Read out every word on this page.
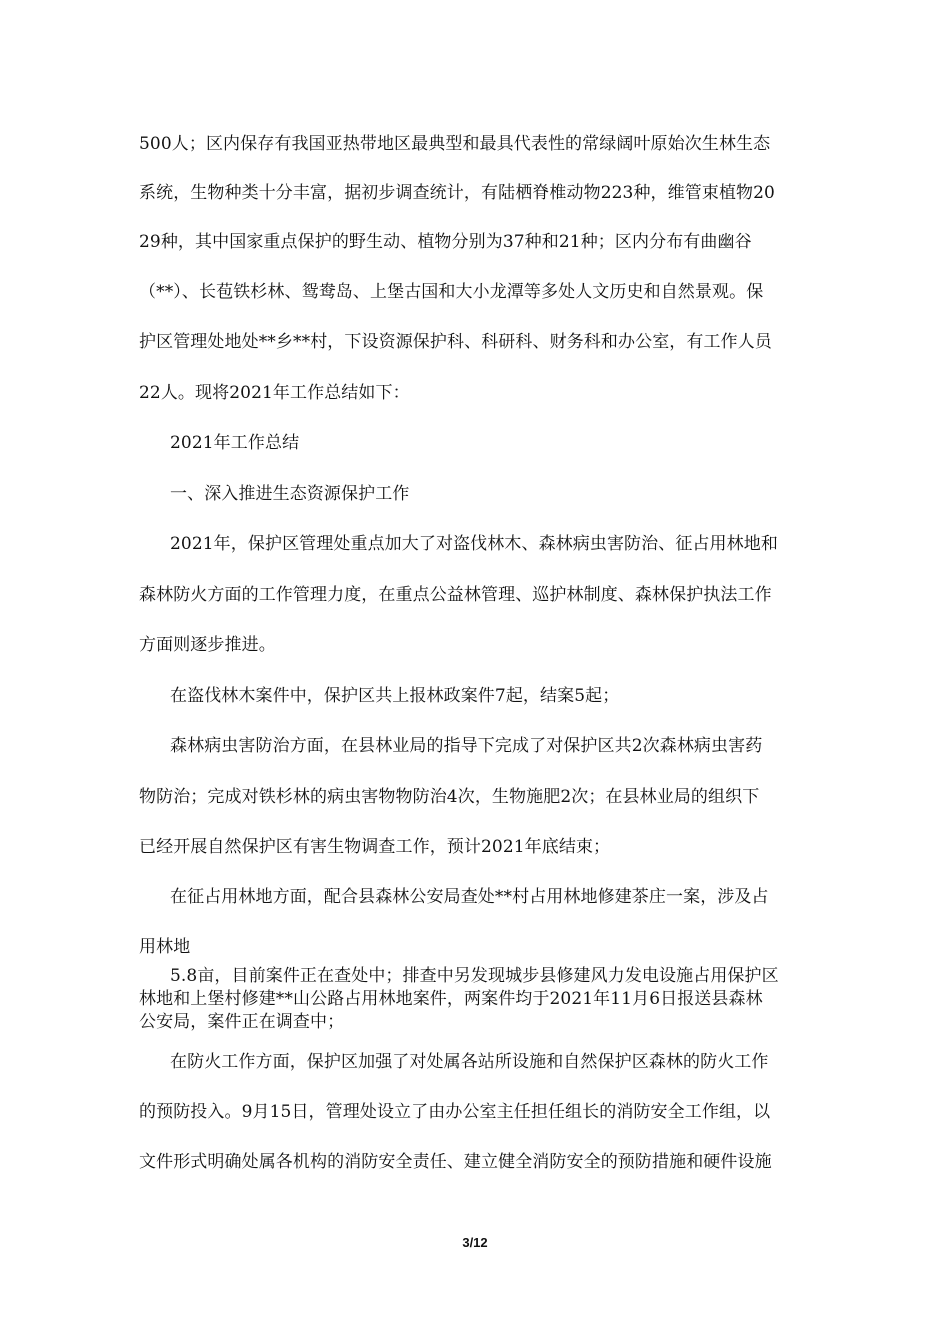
500人；区内保存有我国亚热带地区最典型和最具代表性的常绿阔叶原始次生林生态
系统，生物种类十分丰富，据初步调查统计，有陆栖脊椎动物223种，维管束植物20
29种，其中国家重点保护的野生动、植物分别为37种和21种；区内分布有曲幽谷
（**）、长苞铁杉林、鸳鸯岛、上堡古国和大小龙潭等多处人文历史和自然景观。保
护区管理处地处**乡**村，下设资源保护科、科研科、财务科和办公室，有工作人员
22人。现将2021年工作总结如下：
2021年工作总结
一、深入推进生态资源保护工作
2021年，保护区管理处重点加大了对盗伐林木、森林病虫害防治、征占用林地和
森林防火方面的工作管理力度，在重点公益林管理、巡护林制度、森林保护执法工作
方面则逐步推进。
在盗伐林木案件中，保护区共上报林政案件7起，结案5起；
森林病虫害防治方面，在县林业局的指导下完成了对保护区共2次森林病虫害药
物防治；完成对铁杉林的病虫害物物防治4次，生物施肥2次；在县林业局的组织下
已经开展自然保护区有害生物调查工作，预计2021年底结束；
在征占用林地方面，配合县森林公安局查处**村占用林地修建茶庄一案，涉及占
用林地
5.8亩，目前案件正在查处中；排查中另发现城步县修建风力发电设施占用保护区
林地和上堡村修建**山公路占用林地案件，两案件均于2021年11月6日报送县森林
公安局，案件正在调查中；
在防火工作方面，保护区加强了对处属各站所设施和自然保护区森林的防火工作
的预防投入。9月15日，管理处设立了由办公室主任担任组长的消防安全工作组，以
文件形式明确处属各机构的消防安全责任、建立健全消防安全的预防措施和硬件设施
3/12
